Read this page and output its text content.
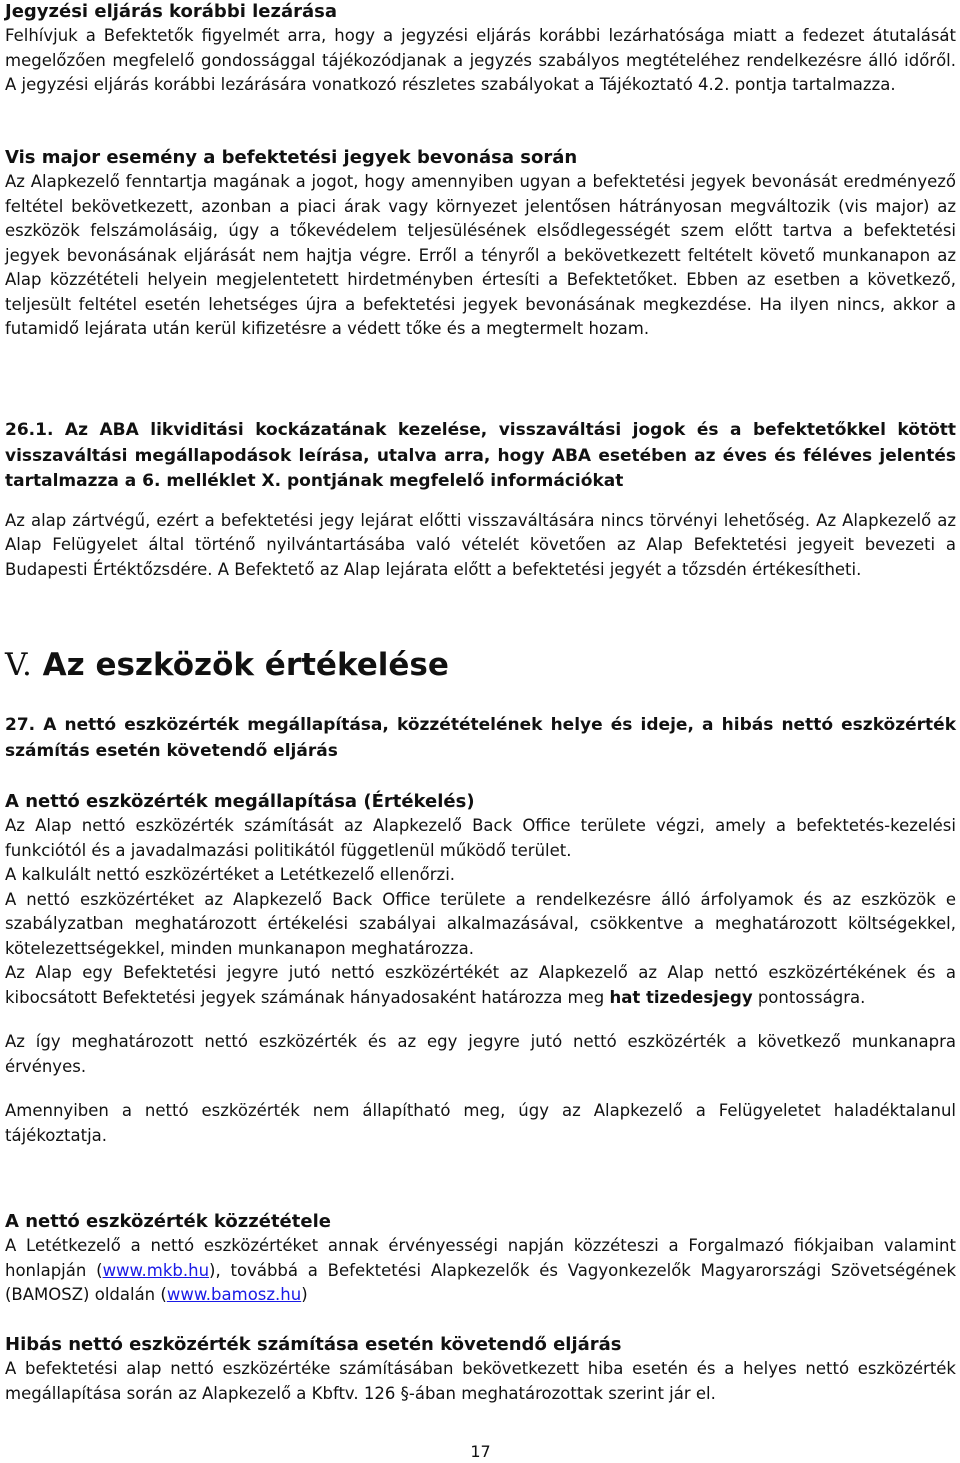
Jegyzési eljárás korábbi lezárása

Felhívjuk a Befektetők figyelmét arra, hogy a jegyzési eljárás korábbi lezárhatósága miatt a fedezet átutalását megelőzően megfelelő gondossággal tájékozódjanak a jegyzés szabályos megtételéhez rendelkezésre álló időről. A jegyzési eljárás korábbi lezárására vonatkozó részletes szabályokat a Tájékoztató 4.2. pontja tartalmazza.

Vis major esemény a befektetési jegyek bevonása során

Az Alapkezelő fenntartja magának a jogot, hogy amennyiben ugyan a befektetési jegyek bevonását eredményező feltétel bekövetkezett, azonban a piaci árak vagy környezet jelentősen hátrányosan megváltozik (vis major) az eszközök felszámolásáig, úgy a tőkevédelem teljesülésének elsődlegességét szem előtt tartva a befektetési jegyek bevonásának eljárását nem hajtja végre. Erről a tényről a bekövetkezett feltételt követő munkanapon az Alap közzétételi helyein megjelentetett hirdetményben értesíti a Befektetőket. Ebben az esetben a következő, teljesült feltétel esetén lehetséges újra a befektetési jegyek bevonásának megkezdése. Ha ilyen nincs, akkor a futamidő lejárata után kerül kifizetésre a védett tőke és a megtermelt hozam.

26.1. Az ABA likviditási kockázatának kezelése, visszaváltási jogok és a befektetőkkel kötött visszaváltási megállapodások leírása, utalva arra, hogy ABA esetében az éves és féléves jelentés tartalmazza a 6. melléklet X. pontjának megfelelő információkat

Az alap zártvégű, ezért a befektetési jegy lejárat előtti visszaváltására nincs törvényi lehetőség. Az Alapkezelő az Alap Felügyelet által történő nyilvántartásába való vételét követően az Alap Befektetési jegyeit bevezeti a Budapesti Értéktőzsdére. A Befektető az Alap lejárata előtt a befektetési jegyét a tőzsdén értékesítheti.

V. Az eszközök értékelése

27. A nettó eszközérték megállapítása, közzétételének helye és ideje, a hibás nettó eszközérték számítás esetén követendő eljárás

A nettó eszközérték megállapítása (Értékelés)

Az Alap nettó eszközérték számítását az Alapkezelő Back Office területe végzi, amely a befektetés-kezelési funkciótól és a javadalmazási politikától függetlenül működő terület.

A kalkulált nettó eszközértéket a Letétkezelő ellenőrzi.

A nettó eszközértéket az Alapkezelő Back Office területe a rendelkezésre álló árfolyamok és az eszközök e szabályzatban meghatározott értékelési szabályai alkalmazásával, csökkentve a meghatározott költségekkel, kötelezettségekkel, minden munkanapon meghatározza.

Az Alap egy Befektetési jegyre jutó nettó eszközértékét az Alapkezelő az Alap nettó eszközértékének és a kibocsátott Befektetési jegyek számának hányadosaként határozza meg hat tizedesjegy pontosságra.

Az így meghatározott nettó eszközérték és az egy jegyre jutó nettó eszközérték a következő munkanapra érvényes.

Amennyiben a nettó eszközérték nem állapítható meg, úgy az Alapkezelő a Felügyeletet haladéktalanul tájékoztatja.

A nettó eszközérték közzététele

A Letétkezelő a nettó eszközértéket annak érvényességi napján közzéteszi a Forgalmazó fiókjaiban valamint honlapján (www.mkb.hu), továbbá a Befektetési Alapkezelők és Vagyonkezelők Magyarországi Szövetségének (BAMOSZ) oldalán (www.bamosz.hu)

Hibás nettó eszközérték számítása esetén követendő eljárás

A befektetési alap nettó eszközértéke számításában bekövetkezett hiba esetén és a helyes nettó eszközérték megállapítása során az Alapkezelő a Kbftv. 126 §-ában meghatározottak szerint jár el.

17
